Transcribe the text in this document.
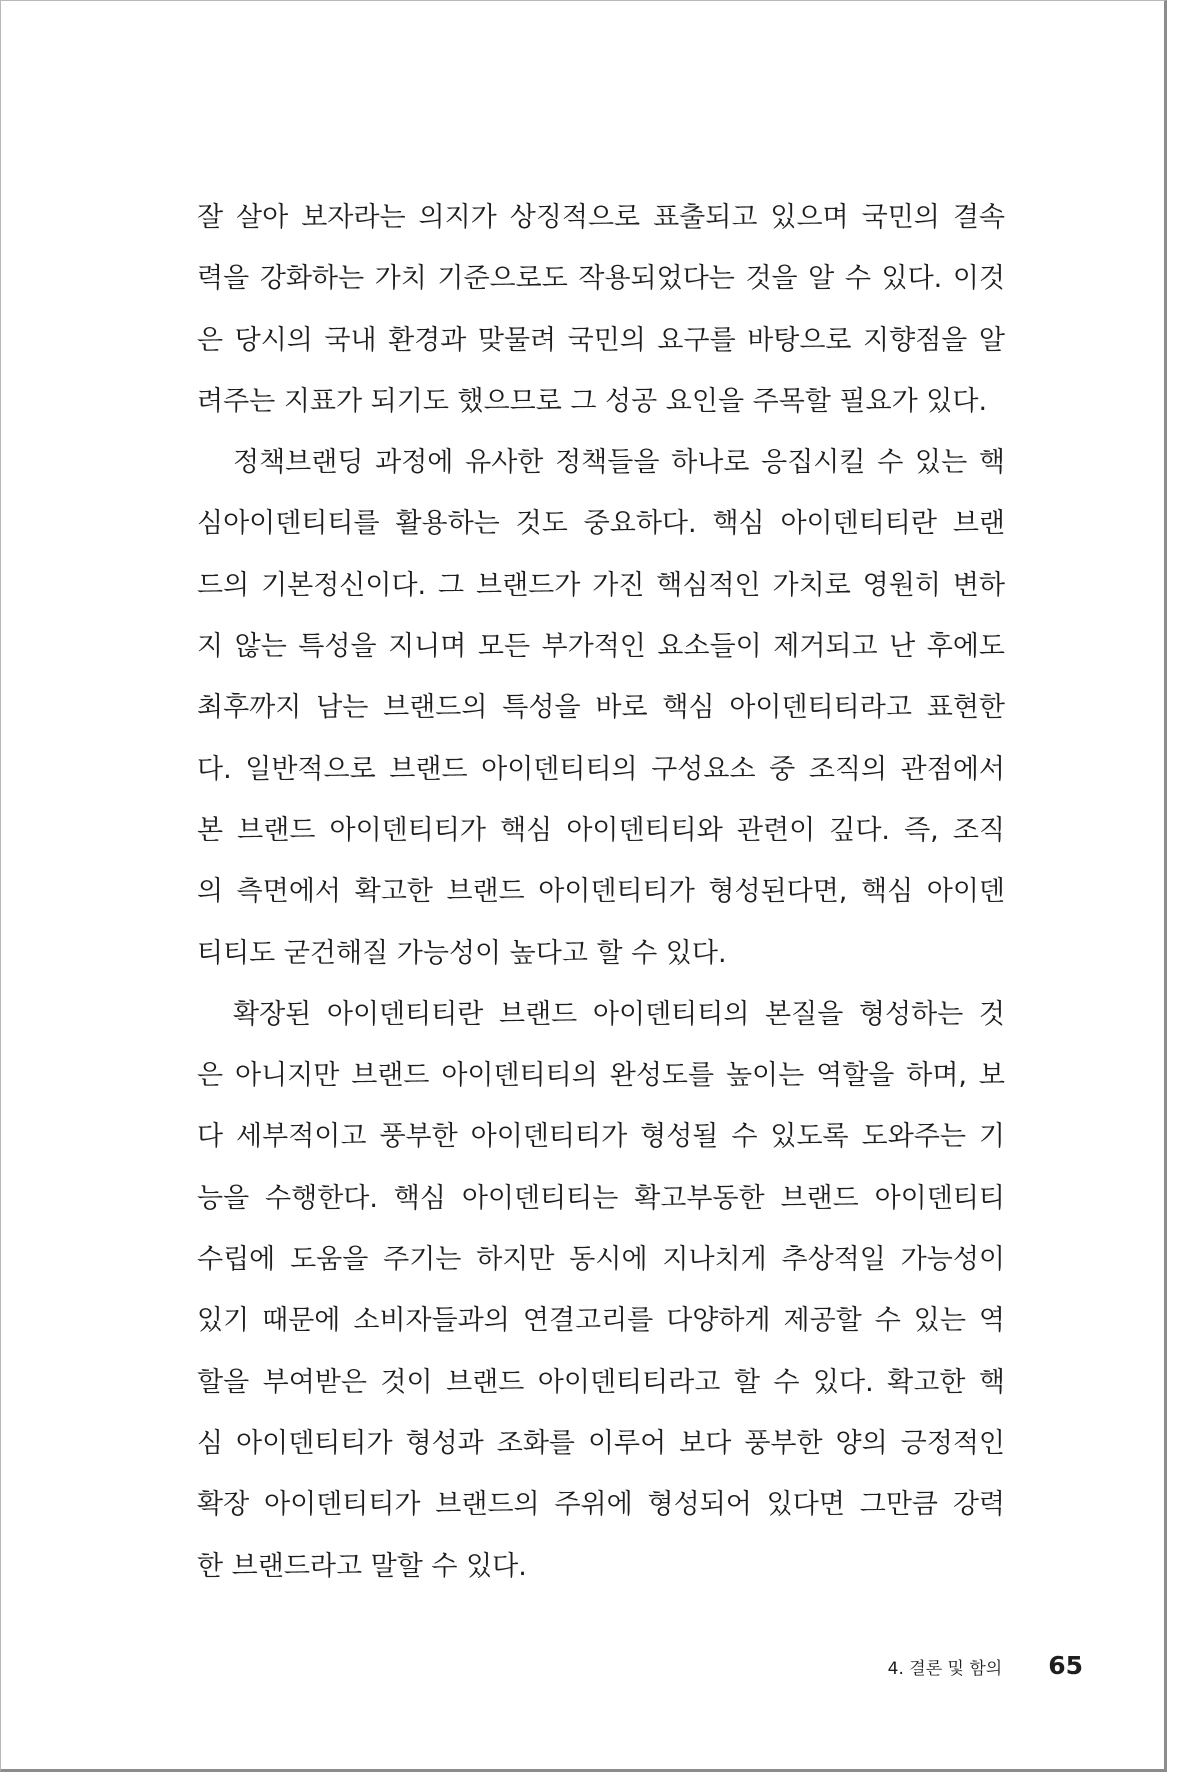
잘 살아 보자라는 의지가 상징적으로 표출되고 있으며 국민의 결속
력을 강화하는 가치 기준으로도 작용되었다는 것을 알 수 있다. 이것
은 당시의 국내 환경과 맞물려 국민의 요구를 바탕으로 지향점을 알
려주는 지표가 되기도 했으므로 그 성공 요인을 주목할 필요가 있다.
정책브랜딩 과정에 유사한 정책들을 하나로 응집시킬 수 있는 핵
심아이덴티티를 활용하는 것도 중요하다. 핵심 아이덴티티란 브랜
드의 기본정신이다. 그 브랜드가 가진 핵심적인 가치로 영원히 변하
지 않는 특성을 지니며 모든 부가적인 요소들이 제거되고 난 후에도
최후까지 남는 브랜드의 특성을 바로 핵심 아이덴티티라고 표현한
다. 일반적으로 브랜드 아이덴티티의 구성요소 중 조직의 관점에서
본 브랜드 아이덴티티가 핵심 아이덴티티와 관련이 깊다. 즉, 조직
의 측면에서 확고한 브랜드 아이덴티티가 형성된다면, 핵심 아이덴
티티도 굳건해질 가능성이 높다고 할 수 있다.
확장된 아이덴티티란 브랜드 아이덴티티의 본질을 형성하는 것
은 아니지만 브랜드 아이덴티티의 완성도를 높이는 역할을 하며, 보
다 세부적이고 풍부한 아이덴티티가 형성될 수 있도록 도와주는 기
능을 수행한다. 핵심 아이덴티티는 확고부동한 브랜드 아이덴티티
수립에 도움을 주기는 하지만 동시에 지나치게 추상적일 가능성이
있기 때문에 소비자들과의 연결고리를 다양하게 제공할 수 있는 역
할을 부여받은 것이 브랜드 아이덴티티라고 할 수 있다. 확고한 핵
심 아이덴티티가 형성과 조화를 이루어 보다 풍부한 양의 긍정적인
확장 아이덴티티가 브랜드의 주위에 형성되어 있다면 그만큼 강력
한 브랜드라고 말할 수 있다.
4. 결론 및 함의 65
